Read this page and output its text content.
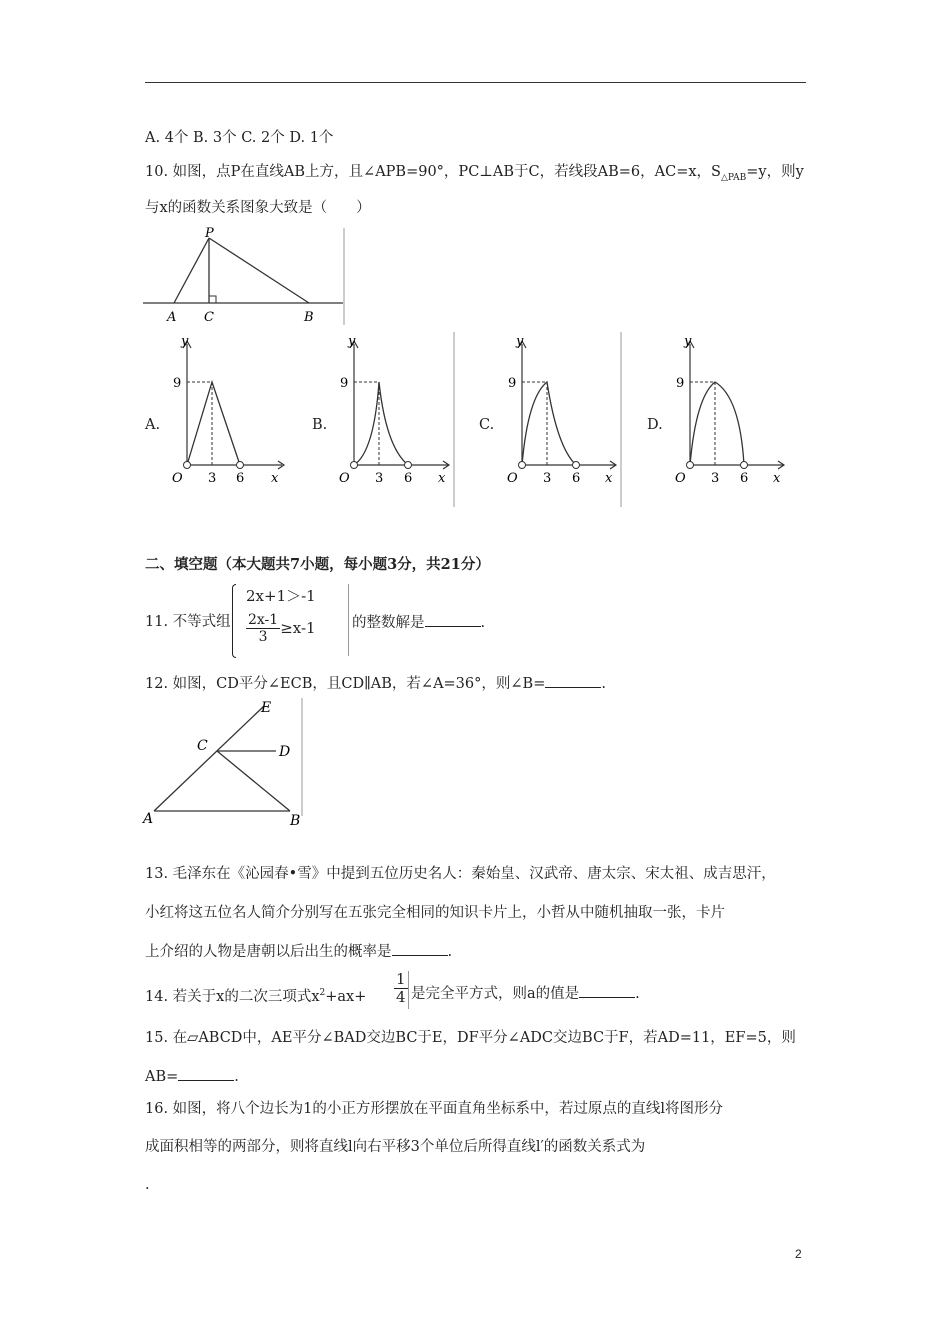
A. 4个 B. 3个 C. 2个 D. 1个
10. 如图，点P在直线AB上方，且∠APB=90°，PC⊥AB于C，若线段AB=6，AC=x，$S_{\triangle PAB}=y$，则y
与x的函数关系图象大致是（　　）
P
A C	B
A.	B.	C.	D.
y
x
O
9
3 6
y
x
O
9
3 6
y
x
O
9
3 6
y
x
O
9
3 6
二、填空题（本大题共7小题，每小题3分，共21分）
11. 不等式组
2x+1＞-1
$\frac{2x-1}{3} \ge x-1$	的整数解是	.
12. 如图，CD平分∠ECB，且CD∥AB，若∠A=36°，则∠B=	.
E
C	D
A	B
13. 毛泽东在《沁园春•雪》中提到五位历史名人：秦始皇、汉武帝、唐太宗、宋太祖、成吉思汗，
小红将这五位名人简介分别写在五张完全相同的知识卡片上，小哲从中随机抽取一张，卡片
上介绍的人物是唐朝以后出生的概率是	.
14. 若关于x的二次三项式$x^2+ax+ \frac{1}{4}$ 是完全平方式，则a的值是	.
15. 在▱ABCD中，AE平分∠BAD交边BC于E，DF平分∠ADC交边BC于F，若AD=11，EF=5，则
AB=	.
16. 如图，将八个边长为1的小正方形摆放在平面直角坐标系中，若过原点的直线l将图形分
成面积相等的两部分，则将直线l向右平移3个单位后所得直线l′的函数关系式为
.
2
